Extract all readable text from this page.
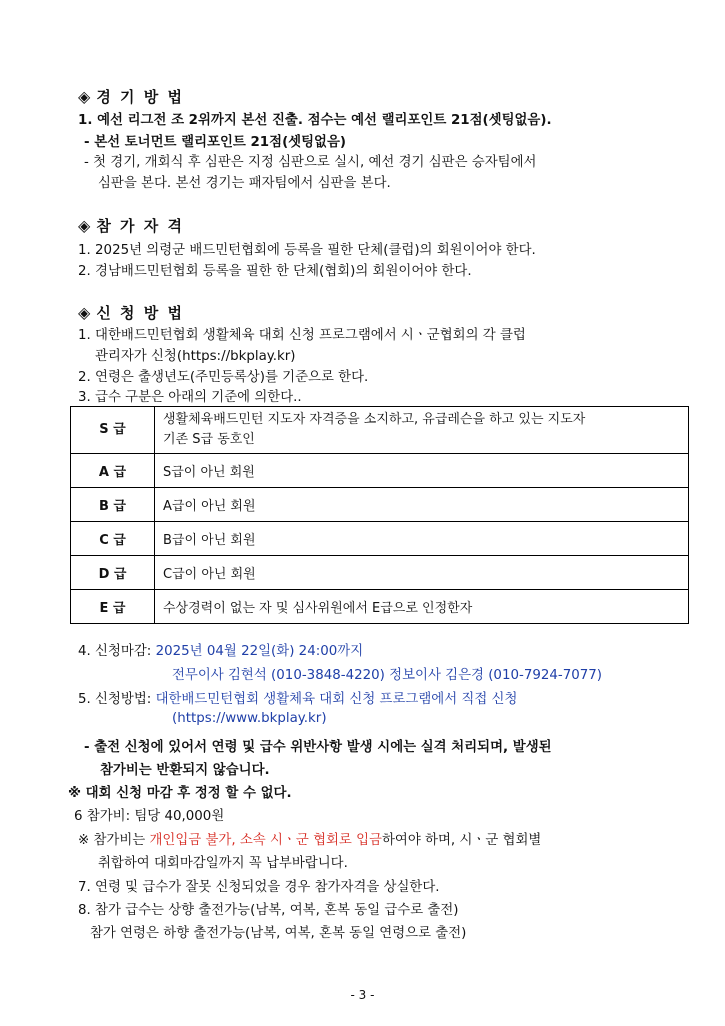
◈ 경 기 방 법
1. 예선 리그전 조 2위까지 본선 진출. 점수는 예선 랠리포인트 21점(셋팅없음).
- 본선 토너먼트 랠리포인트 21점(셋팅없음)
- 첫 경기, 개회식 후 심판은 지정 심판으로 실시, 예선 경기 심판은 승자팀에서
심판을 본다. 본선 경기는 패자팀에서 심판을 본다.
◈ 참 가 자 격
1. 2025년 의령군 배드민턴협회에 등록을 필한 단체(클럽)의 회원이어야 한다.
2. 경남배드민턴협회 등록을 필한 한 단체(협회)의 회원이어야 한다.
◈ 신 청 방 법
1. 대한배드민턴협회 생활체육 대회 신청 프로그램에서 시ㆍ군협회의 각 클럽
관리자가 신청(https://bkplay.kr)
2. 연령은 출생년도(주민등록상)를 기준으로 한다.
3. 급수 구분은 아래의 기준에 의한다..
S 급	생활체육배드민턴 지도자 자격증을 소지하고, 유급레슨을 하고 있는 지도자
기존 S급 동호인

A 급	S급이 아닌 회원
B 급	A급이 아닌 회원
C 급	B급이 아닌 회원
D 급	C급이 아닌 회원
E 급	수상경력이 없는 자 및 심사위원에서 E급으로 인정한자
4. 신청마감: 2025년 04월 22일(화) 24:00까지
전무이사 김현석 (010-3848-4220) 정보이사 김은경 (010-7924-7077)
5. 신청방법: 대한배드민턴협회 생활체육 대회 신청 프로그램에서 직접 신청
(https://www.bkplay.kr)
- 출전 신청에 있어서 연령 및 급수 위반사항 발생 시에는 실격 처리되며, 발생된
참가비는 반환되지 않습니다.
※ 대회 신청 마감 후 정정 할 수 없다.
6 참가비: 팀당 40,000원
※ 참가비는 개인입금 불가, 소속 시ㆍ군 협회로 입금하여야 하며, 시ㆍ군 협회별
취합하여 대회마감일까지 꼭 납부바랍니다.
7. 연령 및 급수가 잘못 신청되었을 경우 참가자격을 상실한다.
8. 참가 급수는 상향 출전가능(남복, 여복, 혼복 동일 급수로 출전)
참가 연령은 하향 출전가능(남복, 여복, 혼복 동일 연령으로 출전)
- 3 -
